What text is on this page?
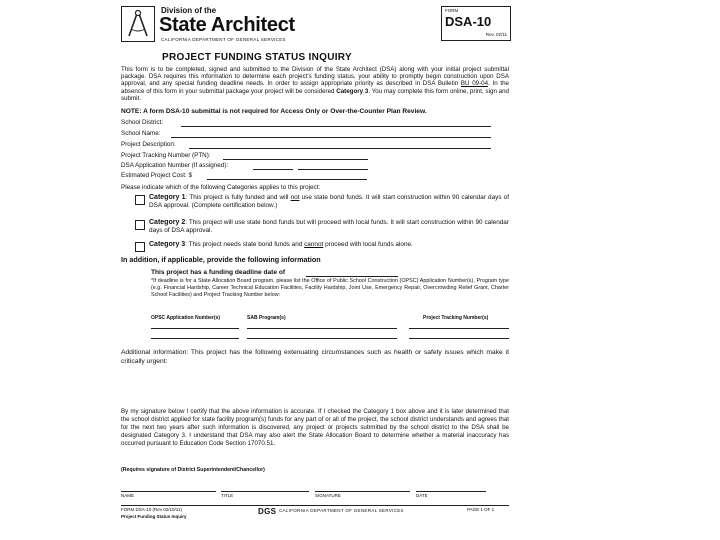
Division of the
State Architect
CALIFORNIA DEPARTMENT OF GENERAL SERVICES
FORM
DSA-10
Rev. 02/11
PROJECT FUNDING STATUS INQUIRY
This form is to be completed, signed and submitted to the Division of the State Architect (DSA) along with your initial project submittal package. DSA requires this information to determine each project's funding status, your ability to promptly begin construction upon DSA approval, and any special funding deadline needs. In order to assign appropriate priority as described in DSA Bulletin BU 09-04. In the absence of this form in your submittal package your project will be considered Category 3. You may complete this form online, print, sign and submit.
NOTE: A form DSA-10 submittal is not required for Access Only or Over-the-Counter Plan Review.
School District:
School Name:
Project Description:
Project Tracking Number (PTN):
DSA Application Number (If assigned):
Estimated Project Cost: $
Please indicate which of the following Categories applies to this project:
Category 1: This project is fully funded and will not use state bond funds. It will start construction within 90 calendar days of DSA approval. (Complete certification below.)
Category 2: This project will use state bond funds but will proceed with local funds. It will start construction within 90 calendar days of DSA approval.
Category 3: This project needs state bond funds and cannot proceed with local funds alone.
In addition, if applicable, provide the following information
This project has a funding deadline date of
*If deadline is for a State Allocation Board program, please list the Office of Public School Construction (OPSC) Application Number(s), Program type (e.g. Financial Hardship, Career Technical Education Facilities, Facility Hardship, Joint Use, Emergency Repair, Overcrowding Relief Grant, Charter School Facilities) and Project Tracking Number below:
OPSC Application Number(s)	SAB Program(s)	Project Tracking Number(s)
Additional information: This project has the following extenuating circumstances such as health or safety issues which make it critically urgent:
By my signature below I certify that the above information is accurate. If I checked the Category 1 box above and it is later determined that the school district applied for state facility program(s) funds for any part of or all of the project, the school district understands and agrees that for the next two years after such information is discovered, any project or projects submitted by the school district to the DSA shall be designated Category 3. I understand that DSA may also alert the State Allocation Board to determine whether a material inaccuracy has occurred pursuant to Education Code Section 17070.51.
(Requires signature of District Superintendent/Chancellor)
NAME	TITLE	SIGNATURE	DATE
FORM DSA-10 (Rev 02/10/11)
Project Funding Status Inquiry
PAGE 1 OF 1
DGS CALIFORNIA DEPARTMENT OF GENERAL SERVICES
